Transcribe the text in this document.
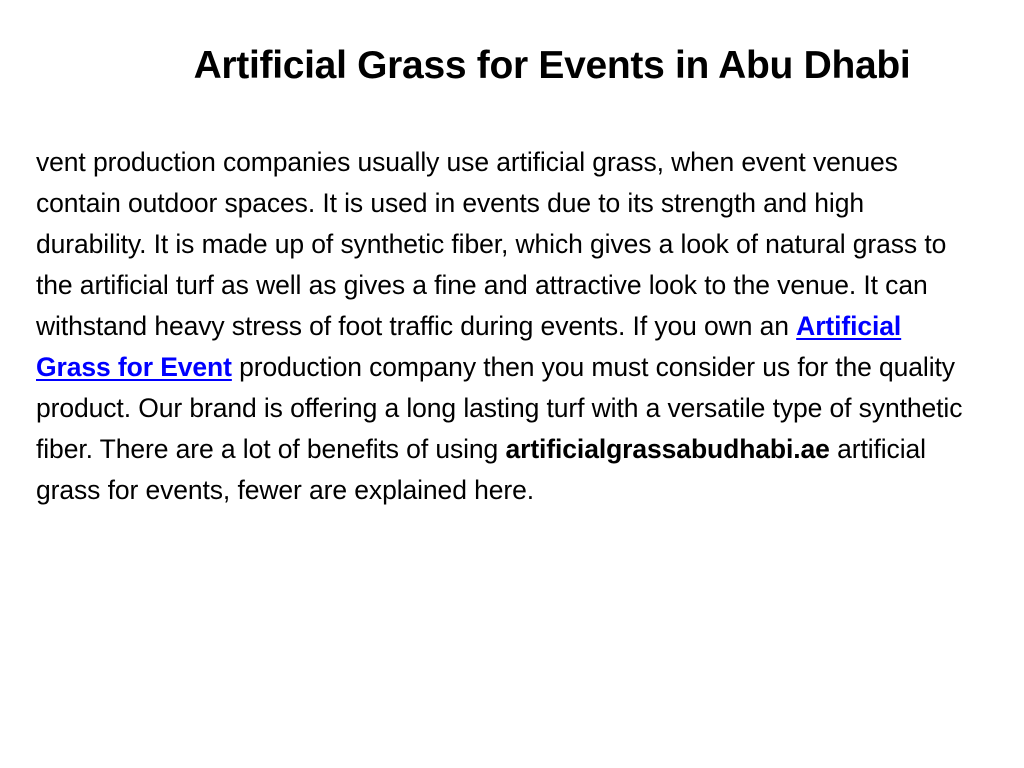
Artificial Grass for Events in Abu Dhabi

vent production companies usually use artificial grass, when event venues contain outdoor spaces. It is used in events due to its strength and high durability. It is made up of synthetic fiber, which gives a look of natural grass to the artificial turf as well as gives a fine and attractive look to the venue. It can withstand heavy stress of foot traffic during events. If you own an Artificial Grass for Event production company then you must consider us for the quality product. Our brand is offering a long lasting turf with a versatile type of synthetic fiber. There are a lot of benefits of using artificialgrassabudhabi.ae artificial grass for events, fewer are explained here.
